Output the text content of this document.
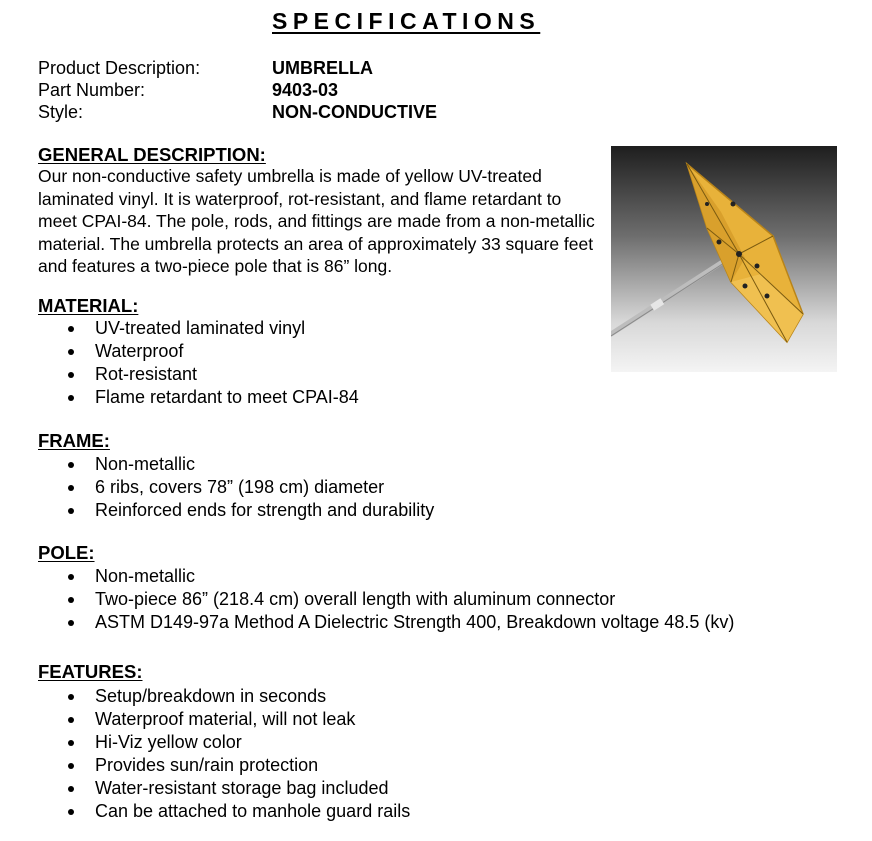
SPECIFICATIONS
Product Description:	UMBRELLA
Part Number:	9403-03
Style:	NON-CONDUCTIVE
GENERAL DESCRIPTION:
Our non-conductive safety umbrella is made of yellow UV-treated laminated vinyl. It is waterproof, rot-resistant, and flame retardant to meet CPAI-84. The pole, rods, and fittings are made from a non-metallic material. The umbrella protects an area of approximately 33 square feet and features a two-piece pole that is 86” long.
MATERIAL:
UV-treated laminated vinyl
Waterproof
Rot-resistant
Flame retardant to meet CPAI-84
FRAME:
Non-metallic
6 ribs, covers 78” (198 cm) diameter
Reinforced ends for strength and durability
POLE:
Non-metallic
Two-piece 86” (218.4 cm) overall length with aluminum connector
ASTM D149-97a Method A Dielectric Strength 400, Breakdown voltage 48.5 (kv)
FEATURES:
Setup/breakdown in seconds
Waterproof material, will not leak
Hi-Viz yellow color
Provides sun/rain protection
Water-resistant storage bag included
Can be attached to manhole guard rails
